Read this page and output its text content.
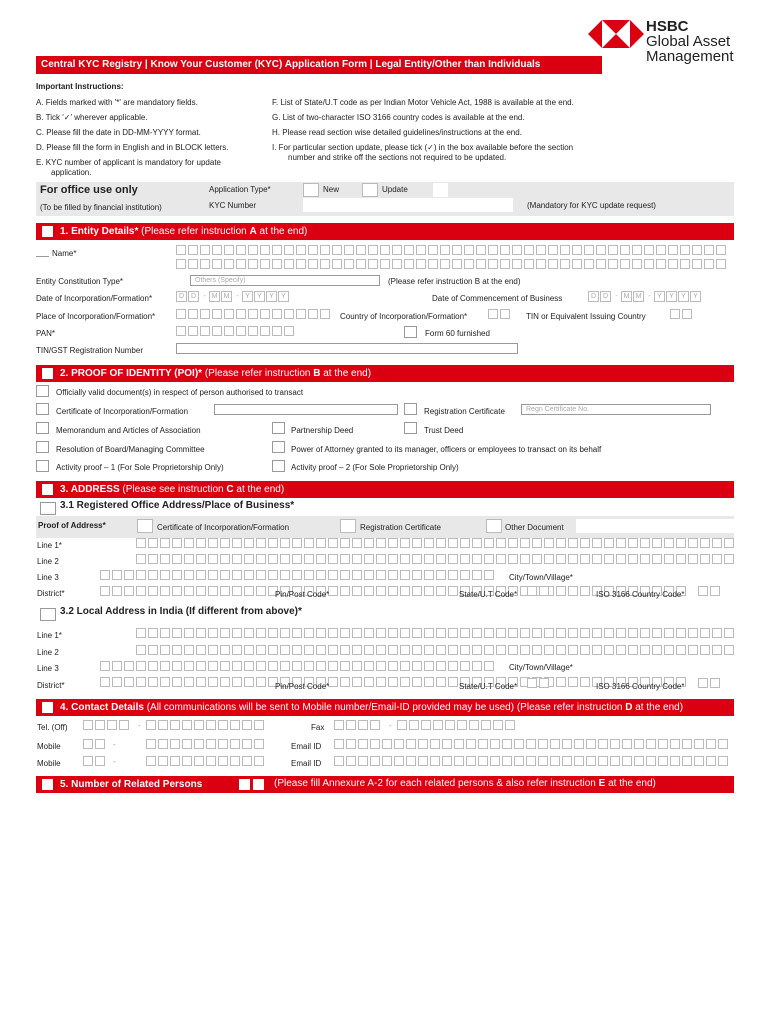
HSBC
Global Asset
Management
Central KYC Registry | Know Your Customer (KYC) Application Form | Legal Entity/Other than Individuals
Important Instructions:
A. Fields marked with '*' are mandatory fields.
B. Tick '✓' wherever applicable.
C. Please fill the date in DD-MM-YYYY format.
D. Please fill the form in English and in BLOCK letters.
E. KYC number of applicant is mandatory for update
application.
F. List of State/U.T code as per Indian Motor Vehicle Act, 1988 is available at the end.
G. List of two-character ISO 3166 country codes is available at the end.
H. Please read section wise detailed guidelines/instructions at the end.
I. For particular section update, please tick (✓) in the box available before the section
number and strike off the sections not required to be updated.
For office use only
(To be filled by financial institution)
Application Type*	New	Update
KYC Number	(Mandatory for KYC update request)
1. Entity Details* (Please refer instruction A at the end)
Name*
Entity Constitution Type*	Others (Specify)	(Please refer instruction B at the end)
Date of Incorporation/Formation*	D D	- M M - Y	Y	Y	Y	Date of Commencement of Business	D D	- M M - Y	Y	Y	Y
Place of Incorporation/Formation*	Country of Incorporation/Formation*	TIN or Equivalent Issuing Country
PAN*	Form 60 furnished
TIN/GST Registration Number
2. PROOF OF IDENTITY (POI)* (Please refer instruction B at the end)
Officially valid document(s) in respect of person authorised to transact
Certificate of Incorporation/Formation	Registration Certificate	Regn Certificate No.
Memorandum and Articles of Association	Partnership Deed	Trust Deed
Resolution of Board/Managing Committee	Power of Attorney granted to its manager, officers or employees to transact on its behalf
Activity proof – 1 (For Sole Proprietorship Only)	Activity proof – 2 (For Sole Proprietorship Only)
3. ADDRESS (Please see instruction C at the end)
3.1 Registered Office Address/Place of Business*
Proof of Address*	Certificate of Incorporation/Formation	Registration Certificate	Other Document
Line 1*
Line 2
Line 3	City/Town/Village*
District*	Pin/Post Code*	State/U.T Code*	ISO 3166 Country Code*
3.2 Local Address in India (If different from above)*
Line 1*
Line 2
Line 3	City/Town/Village*
District*	Pin/Post Code*	State/U.T Code*	ISO 3166 Country Code*
4. Contact Details (All communications will be sent to Mobile number/Email-ID provided may be used) (Please refer instruction D at the end)
Tel. (Off)	-	Fax	-
Mobile	-	Email ID
Mobile	-	Email ID
5. Number of Related Persons	(Please fill Annexure A-2 for each related persons & also refer instruction E at the end)
